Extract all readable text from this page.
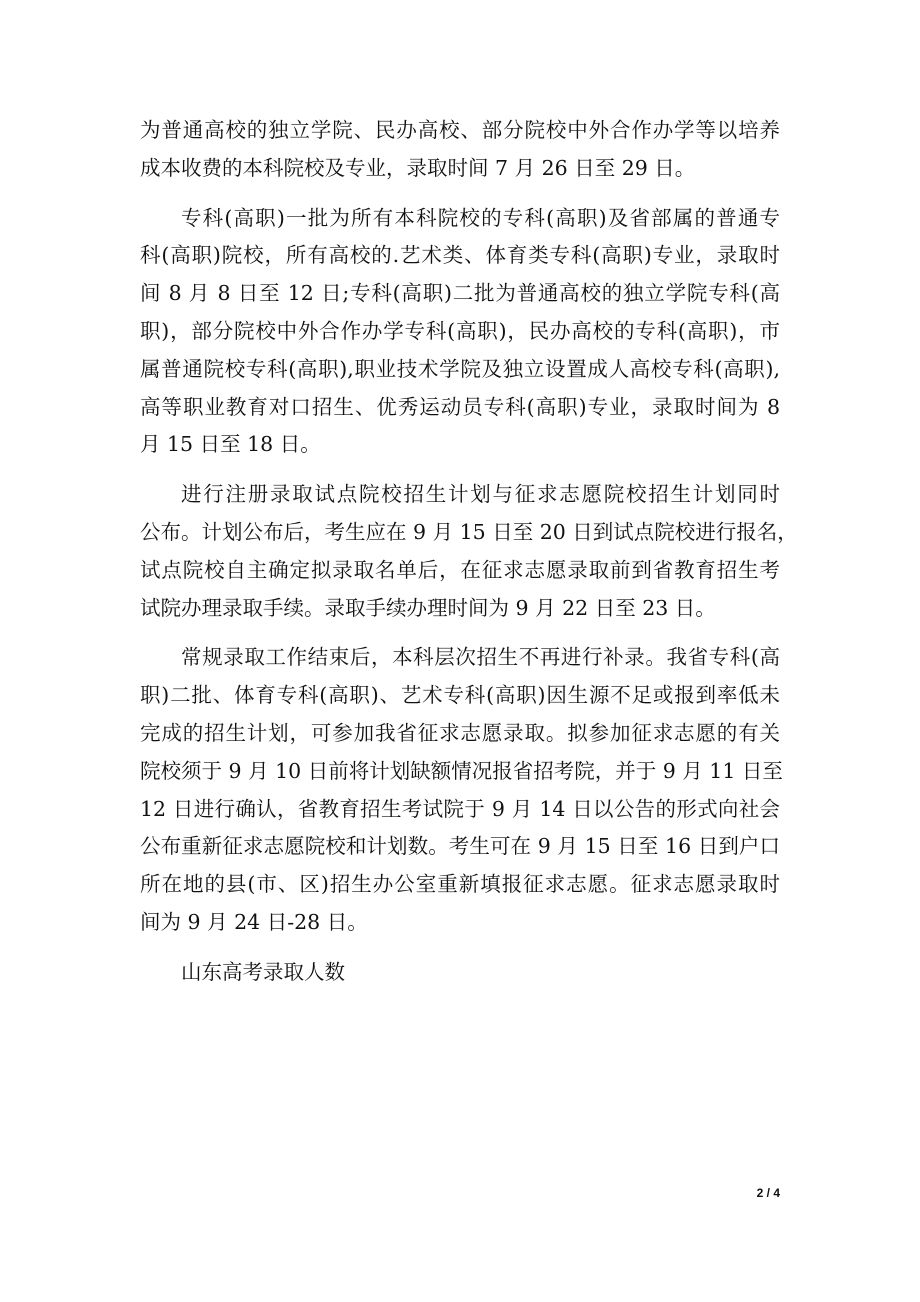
为普通高校的独立学院、民办高校、部分院校中外合作办学等以培养
成本收费的本科院校及专业，录取时间 7 月 26 日至 29 日。
专科(高职)一批为所有本科院校的专科(高职)及省部属的普通专
科(高职)院校，所有高校的.艺术类、体育类专科(高职)专业，录取时
间 8 月 8 日至 12 日;专科(高职)二批为普通高校的独立学院专科(高
职)，部分院校中外合作办学专科(高职)，民办高校的专科(高职)，市
属普通院校专科(高职),职业技术学院及独立设置成人高校专科(高职),
高等职业教育对口招生、优秀运动员专科(高职)专业，录取时间为 8
月 15 日至 18 日。
进行注册录取试点院校招生计划与征求志愿院校招生计划同时
公布。计划公布后，考生应在 9 月 15 日至 20 日到试点院校进行报名，
试点院校自主确定拟录取名单后，在征求志愿录取前到省教育招生考
试院办理录取手续。录取手续办理时间为 9 月 22 日至 23 日。
常规录取工作结束后，本科层次招生不再进行补录。我省专科(高
职)二批、体育专科(高职)、艺术专科(高职)因生源不足或报到率低未
完成的招生计划，可参加我省征求志愿录取。拟参加征求志愿的有关
院校须于 9 月 10 日前将计划缺额情况报省招考院，并于 9 月 11 日至
12 日进行确认，省教育招生考试院于 9 月 14 日以公告的形式向社会
公布重新征求志愿院校和计划数。考生可在 9 月 15 日至 16 日到户口
所在地的县(市、区)招生办公室重新填报征求志愿。征求志愿录取时
间为 9 月 24 日-28 日。
山东高考录取人数
2 / 4
